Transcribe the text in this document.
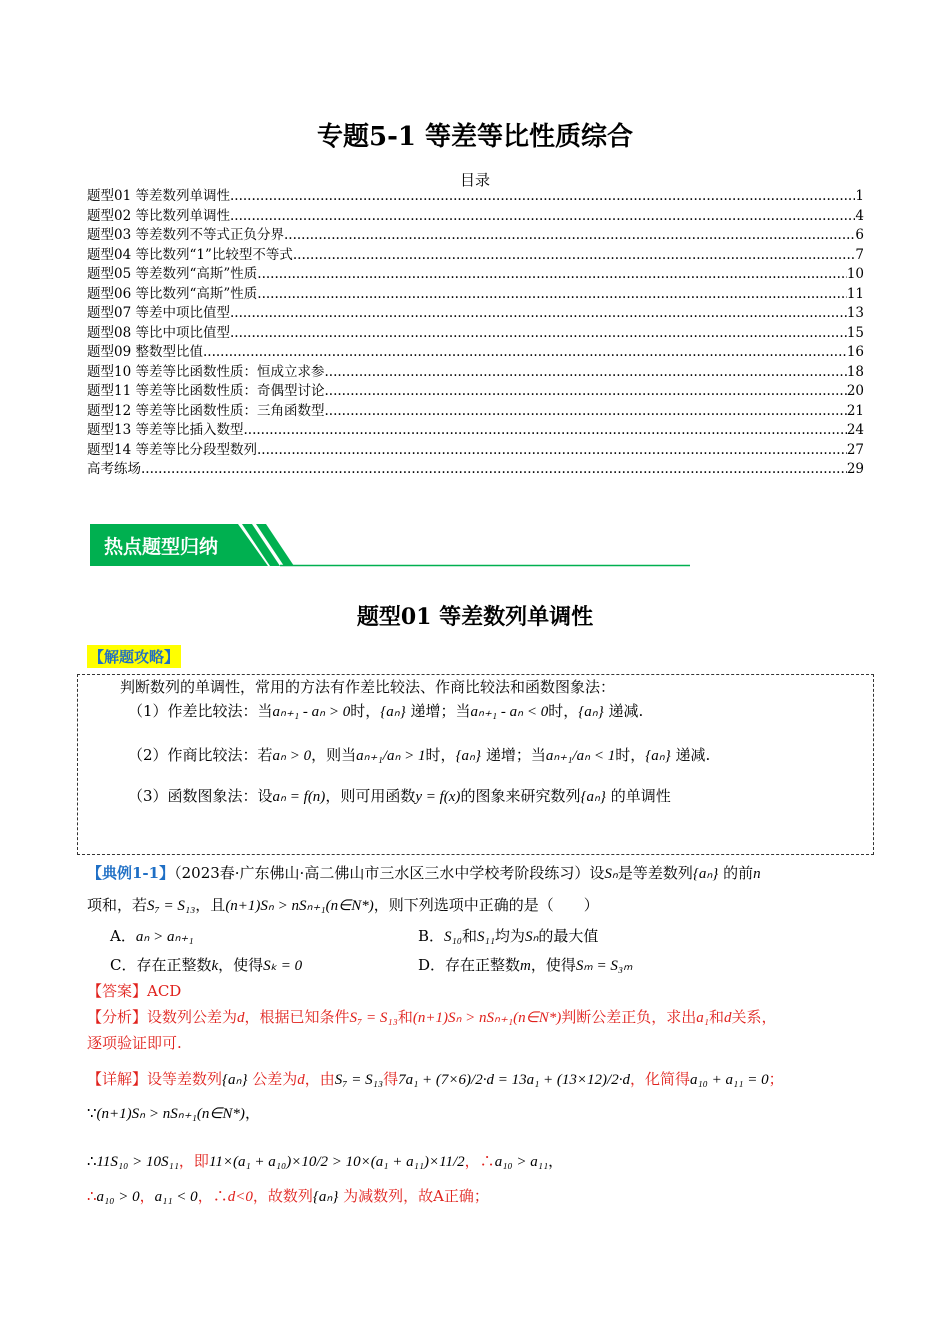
专题5-1 等差等比性质综合
目录
题型01 等差数列单调性 .....	1
题型02 等比数列单调性 .....	4
题型03 等差数列不等式正负分界 .....	6
题型04 等比数列“1”比较型不等式 .....	7
题型05 等差数列“高斯”性质 .....	10
题型06 等比数列“高斯”性质 .....	11
题型07 等差中项比值型 .....	13
题型08 等比中项比值型 .....	15
题型09 整数型比值 .....	16
题型10 等差等比函数性质：恒成立求参 .....	18
题型11 等差等比函数性质：奇偶型讨论 .....	20
题型12 等差等比函数性质：三角函数型 .....	21
题型13 等差等比插入数型 .....	24
题型14 等差等比分段型数列 .....	27
高考练场 .....	29
热点题型归纳
题型01 等差数列单调性
【解题攻略】
判断数列的单调性，常用的方法有作差比较法、作商比较法和函数图象法：
（1）作差比较法：当aₙ₊₁ - aₙ > 0时，{aₙ} 递增；当aₙ₊₁ - aₙ < 0时，{aₙ} 递减.
（2）作商比较法：若aₙ > 0，则当aₙ₊₁/aₙ > 1时，{aₙ} 递增；当aₙ₊₁/aₙ < 1时，{aₙ} 递减.
（3）函数图象法：设aₙ = f(n)，则可用函数y = f(x)的图象来研究数列{aₙ} 的单调性
【典例1-1】（2023春·广东佛山·高二佛山市三水区三水中学校考阶段练习）设Sₙ是等差数列{aₙ} 的前n
项和，若S₇ = S₁₃，且(n+1)Sₙ > nSₙ₊₁(n∈N*)，则下列选项中正确的是（　　）
A．aₙ > aₙ₊₁	B．S₁₀和S₁₁均为Sₙ的最大值
C．存在正整数k，使得Sₖ = 0	D．存在正整数m，使得Sₘ = S₃ₘ
【答案】ACD
【分析】设数列公差为d，根据已知条件S₇ = S₁₃和(n+1)Sₙ > nSₙ₊₁(n∈N*)判断公差正负，求出a₁和d关系，
逐项验证即可.
【详解】设等差数列{aₙ} 公差为d，由S₇ = S₁₃得7a₁ + (7×6)/2·d = 13a₁ + (13×12)/2·d，化简得a₁₀ + a₁₁ = 0；
∵(n+1)Sₙ > nSₙ₊₁(n∈N*)，
∴11S₁₀ > 10S₁₁，即11×(a₁ + a₁₀)×10/2 > 10×(a₁ + a₁₁)×11/2，∴a₁₀ > a₁₁，
∴a₁₀ > 0，a₁₁ < 0，∴d<0，故数列{aₙ} 为减数列，故A正确；
